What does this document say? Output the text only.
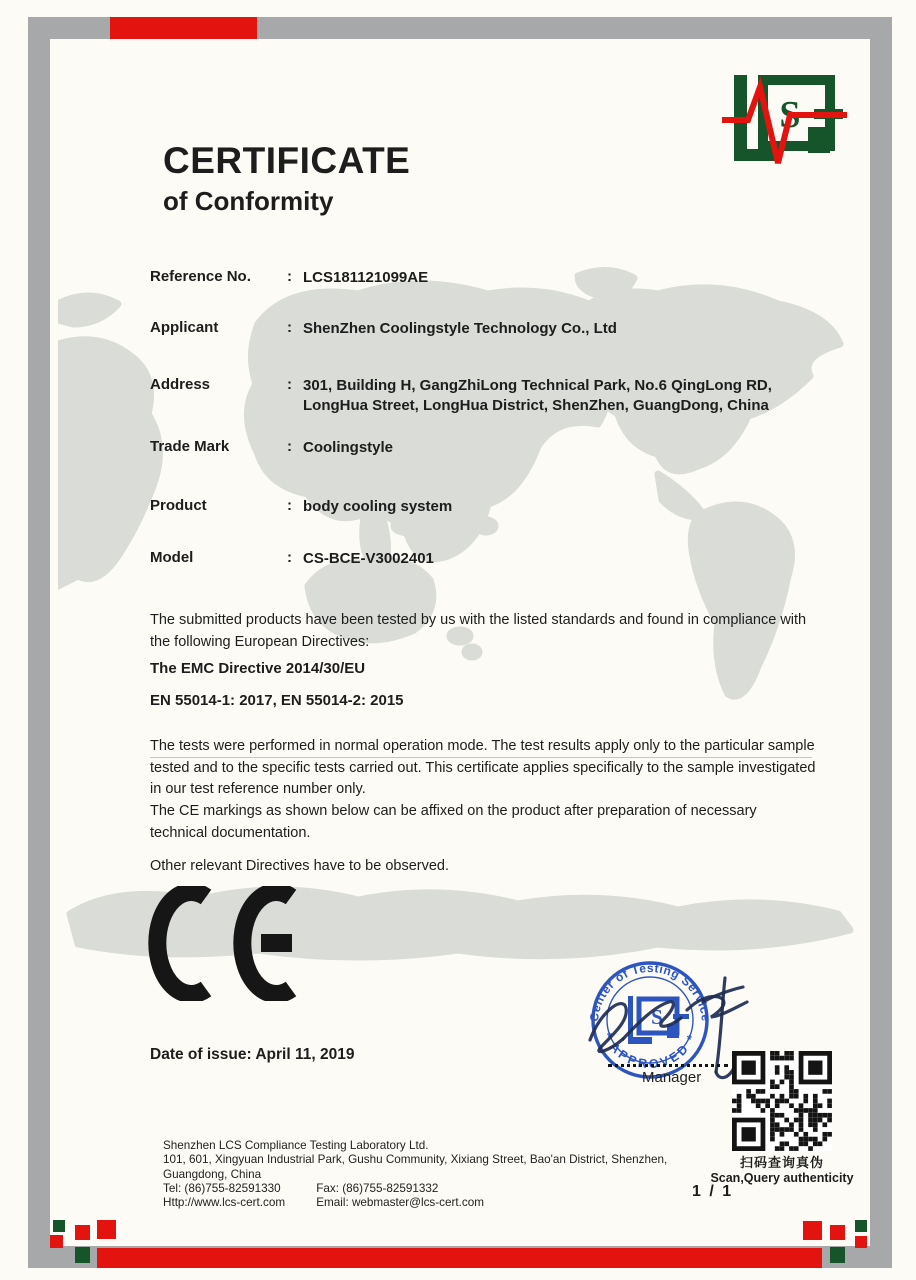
S
CERTIFICATE
of Conformity
Reference No.	: LCS181121099AE
Applicant	: ShenZhen Coolingstyle Technology Co., Ltd
Address	: 301, Building H, GangZhiLong Technical Park, No.6 QingLong RD, LongHua Street, LongHua District, ShenZhen, GuangDong, China
Trade Mark	: Coolingstyle
Product	: body cooling system
Model	: CS-BCE-V3002401
The submitted products have been tested by us with the listed standards and found in compliance with the following European Directives:
The EMC Directive 2014/30/EU
EN 55014-1: 2017, EN 55014-2: 2015
The tests were performed in normal operation mode. The test results apply only to the particular sample tested and to the specific tests carried out. This certificate applies specifically to the sample investigated in our test reference number only.
The CE markings as shown below can be affixed on the product after preparation of necessary technical documentation.
Other relevant Directives have to be observed.
Date of issue: April 11, 2019
Center of Testing Service
* APPROVED *
S
Manager
扫码查询真伪
Scan,Query authenticity
1 / 1
Shenzhen LCS Compliance Testing Laboratory Ltd.
101, 601, Xingyuan Industrial Park, Gushu Community, Xixiang Street, Bao'an District, Shenzhen,
Guangdong, China
Tel: (86)755-82591330	Fax: (86)755-82591332
Http://www.lcs-cert.com	Email: webmaster@lcs-cert.com
